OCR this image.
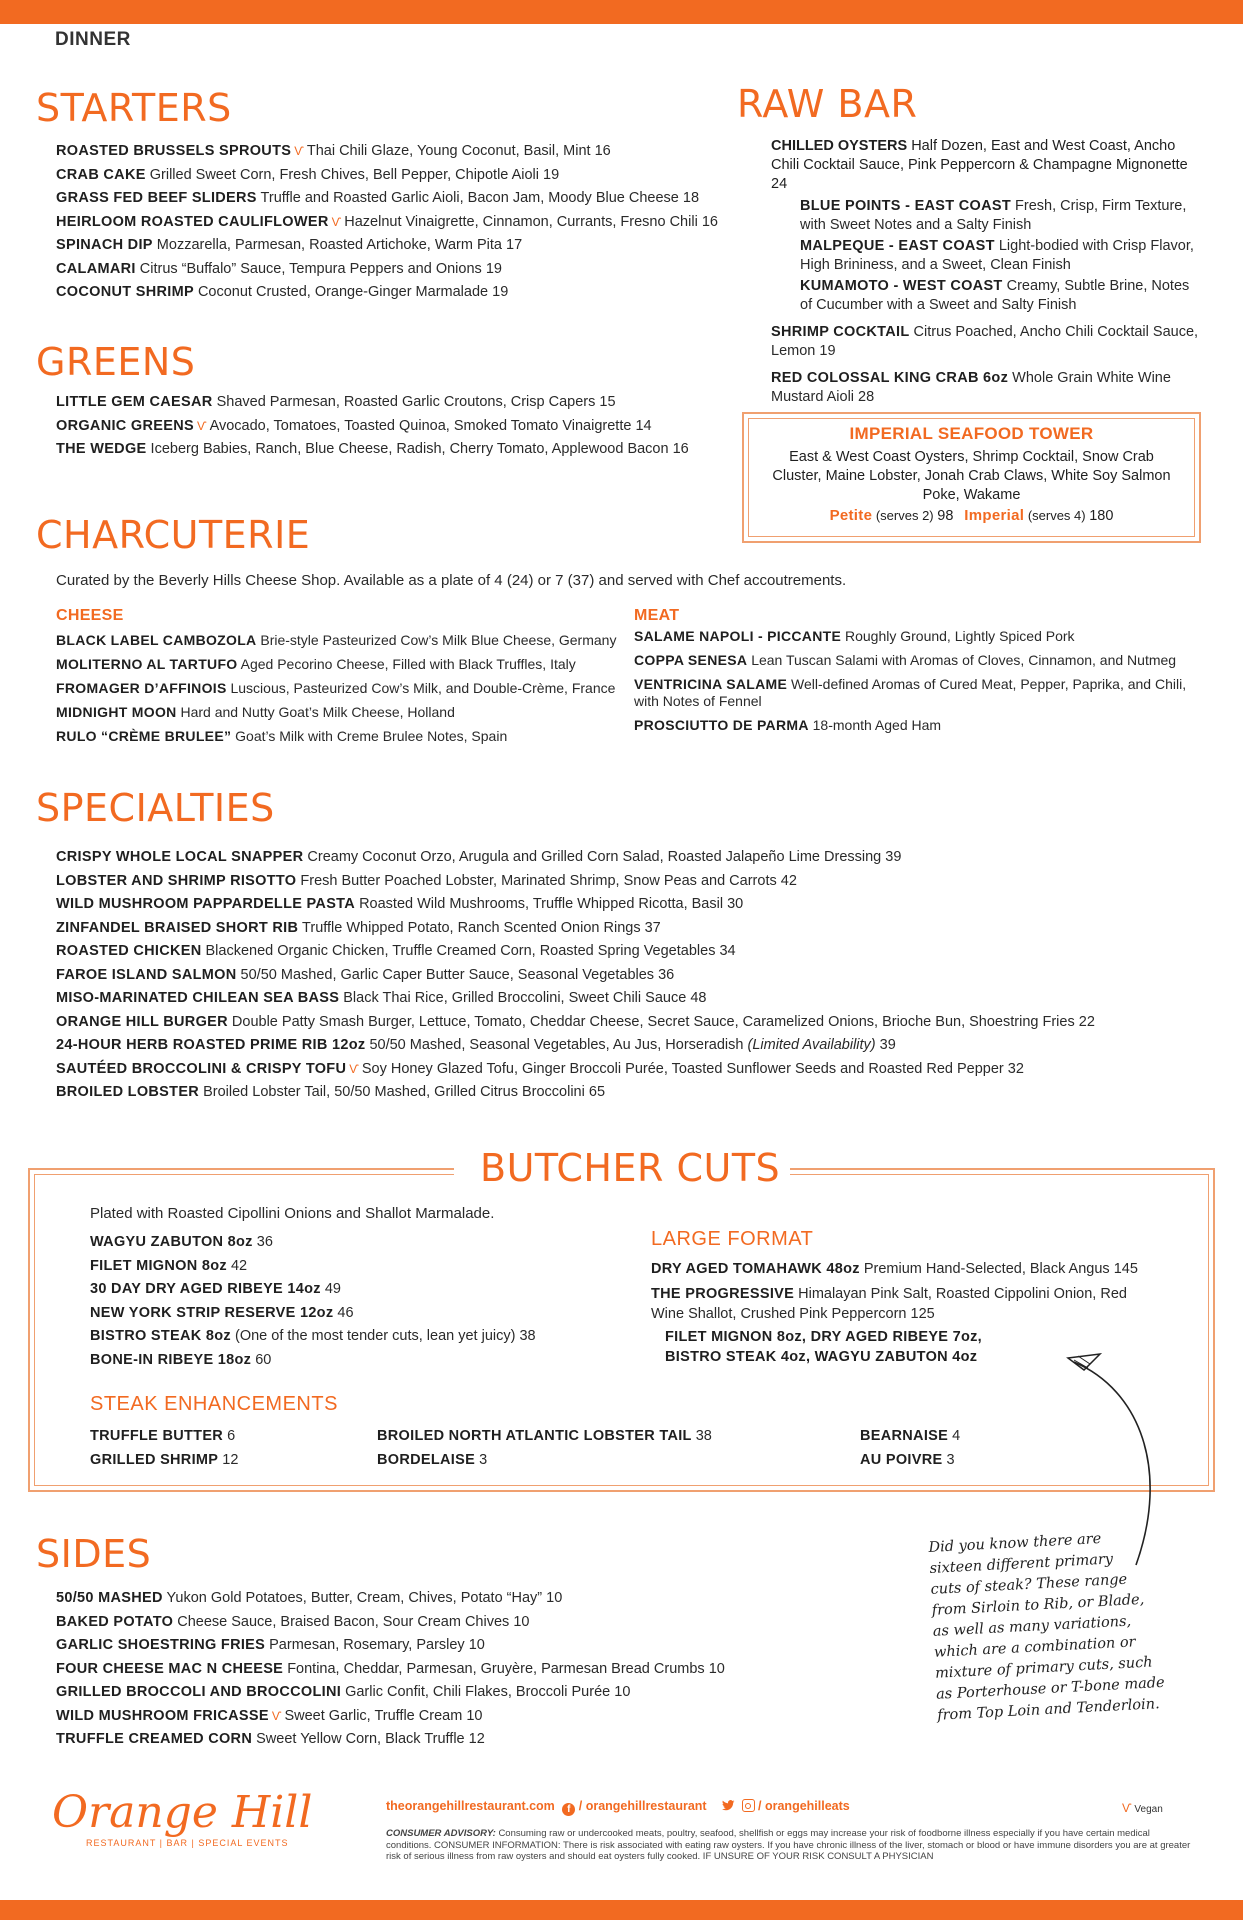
DINNER
STARTERS
ROASTED BRUSSELS SPROUTS Ѵ Thai Chili Glaze, Young Coconut, Basil, Mint 16
CRAB CAKE Grilled Sweet Corn, Fresh Chives, Bell Pepper, Chipotle Aioli 19
GRASS FED BEEF SLIDERS Truffle and Roasted Garlic Aioli, Bacon Jam, Moody Blue Cheese 18
HEIRLOOM ROASTED CAULIFLOWER Ѵ Hazelnut Vinaigrette, Cinnamon, Currants, Fresno Chili 16
SPINACH DIP Mozzarella, Parmesan, Roasted Artichoke, Warm Pita 17
CALAMARI Citrus “Buffalo” Sauce, Tempura Peppers and Onions 19
COCONUT SHRIMP Coconut Crusted, Orange-Ginger Marmalade 19
GREENS
LITTLE GEM CAESAR Shaved Parmesan, Roasted Garlic Croutons, Crisp Capers 15
ORGANIC GREENS Ѵ Avocado, Tomatoes, Toasted Quinoa, Smoked Tomato Vinaigrette 14
THE WEDGE Iceberg Babies, Ranch, Blue Cheese, Radish, Cherry Tomato, Applewood Bacon 16
RAW BAR
CHILLED OYSTERS Half Dozen, East and West Coast, Ancho Chili Cocktail Sauce, Pink Peppercorn & Champagne Mignonette 24
BLUE POINTS - EAST COAST Fresh, Crisp, Firm Texture, with Sweet Notes and a Salty Finish
MALPEQUE - EAST COAST Light-bodied with Crisp Flavor, High Brininess, and a Sweet, Clean Finish
KUMAMOTO - WEST COAST Creamy, Subtle Brine, Notes of Cucumber with a Sweet and Salty Finish
SHRIMP COCKTAIL Citrus Poached, Ancho Chili Cocktail Sauce, Lemon 19
RED COLOSSAL KING CRAB 6oz Whole Grain White Wine Mustard Aioli 28
IMPERIAL SEAFOOD TOWER
East & West Coast Oysters, Shrimp Cocktail, Snow Crab Cluster, Maine Lobster, Jonah Crab Claws, White Soy Salmon Poke, Wakame
Petite (serves 2) 98 Imperial (serves 4) 180
CHARCUTERIE
Curated by the Beverly Hills Cheese Shop. Available as a plate of 4 (24) or 7 (37) and served with Chef accoutrements.
CHEESE
BLACK LABEL CAMBOZOLA Brie-style Pasteurized Cow’s Milk Blue Cheese, Germany
MOLITERNO AL TARTUFO Aged Pecorino Cheese, Filled with Black Truffles, Italy
FROMAGER D’AFFINOIS Luscious, Pasteurized Cow’s Milk, and Double-Crème, France
MIDNIGHT MOON Hard and Nutty Goat’s Milk Cheese, Holland
RULO “CRÈME BRULEE” Goat’s Milk with Creme Brulee Notes, Spain
MEAT
SALAME NAPOLI - PICCANTE Roughly Ground, Lightly Spiced Pork
COPPA SENESA Lean Tuscan Salami with Aromas of Cloves, Cinnamon, and Nutmeg
VENTRICINA SALAME Well-defined Aromas of Cured Meat, Pepper, Paprika, and Chili, with Notes of Fennel
PROSCIUTTO DE PARMA 18-month Aged Ham
SPECIALTIES
CRISPY WHOLE LOCAL SNAPPER Creamy Coconut Orzo, Arugula and Grilled Corn Salad, Roasted Jalapeño Lime Dressing 39
LOBSTER AND SHRIMP RISOTTO Fresh Butter Poached Lobster, Marinated Shrimp, Snow Peas and Carrots 42
WILD MUSHROOM PAPPARDELLE PASTA Roasted Wild Mushrooms, Truffle Whipped Ricotta, Basil 30
ZINFANDEL BRAISED SHORT RIB Truffle Whipped Potato, Ranch Scented Onion Rings 37
ROASTED CHICKEN Blackened Organic Chicken, Truffle Creamed Corn, Roasted Spring Vegetables 34
FAROE ISLAND SALMON 50/50 Mashed, Garlic Caper Butter Sauce, Seasonal Vegetables 36
MISO-MARINATED CHILEAN SEA BASS Black Thai Rice, Grilled Broccolini, Sweet Chili Sauce 48
ORANGE HILL BURGER Double Patty Smash Burger, Lettuce, Tomato, Cheddar Cheese, Secret Sauce, Caramelized Onions, Brioche Bun, Shoestring Fries 22
24-HOUR HERB ROASTED PRIME RIB 12oz 50/50 Mashed, Seasonal Vegetables, Au Jus, Horseradish (Limited Availability) 39
SAUTÉED BROCCOLINI & CRISPY TOFU Ѵ Soy Honey Glazed Tofu, Ginger Broccoli Purée, Toasted Sunflower Seeds and Roasted Red Pepper 32
BROILED LOBSTER Broiled Lobster Tail, 50/50 Mashed, Grilled Citrus Broccolini 65
BUTCHER CUTS
Plated with Roasted Cipollini Onions and Shallot Marmalade.
WAGYU ZABUTON 8oz 36
FILET MIGNON 8oz 42
30 DAY DRY AGED RIBEYE 14oz 49
NEW YORK STRIP RESERVE 12oz 46
BISTRO STEAK 8oz (One of the most tender cuts, lean yet juicy) 38
BONE-IN RIBEYE 18oz 60
LARGE FORMAT
DRY AGED TOMAHAWK 48oz Premium Hand-Selected, Black Angus 145
THE PROGRESSIVE Himalayan Pink Salt, Roasted Cippolini Onion, Red Wine Shallot, Crushed Pink Peppercorn 125
FILET MIGNON 8oz, DRY AGED RIBEYE 7oz,
BISTRO STEAK 4oz, WAGYU ZABUTON 4oz
STEAK ENHANCEMENTS
TRUFFLE BUTTER 6
GRILLED SHRIMP 12
BROILED NORTH ATLANTIC LOBSTER TAIL 38
BORDELAISE 3
BEARNAISE 4
AU POIVRE 3
SIDES
50/50 MASHED Yukon Gold Potatoes, Butter, Cream, Chives, Potato “Hay” 10
BAKED POTATO Cheese Sauce, Braised Bacon, Sour Cream Chives 10
GARLIC SHOESTRING FRIES Parmesan, Rosemary, Parsley 10
FOUR CHEESE MAC N CHEESE Fontina, Cheddar, Parmesan, Gruyère, Parmesan Bread Crumbs 10
GRILLED BROCCOLI AND BROCCOLINI Garlic Confit, Chili Flakes, Broccoli Purée 10
WILD MUSHROOM FRICASSE Ѵ Sweet Garlic, Truffle Cream 10
TRUFFLE CREAMED CORN Sweet Yellow Corn, Black Truffle 12
Did you know there are
sixteen different primary
cuts of steak? These range
from Sirloin to Rib, or Blade,
as well as many variations,
which are a combination or
mixture of primary cuts, such
as Porterhouse or T-bone made
from Top Loin and Tenderloin.
Orange Hill
RESTAURANT | BAR | SPECIAL EVENTS
theorangehillrestaurant.com f / orangehillrestaurant	/ orangehilleats	Ѵ Vegan
CONSUMER ADVISORY: Consuming raw or undercooked meats, poultry, seafood, shellfish or eggs may increase your risk of foodborne illness especially if you have certain medical conditions. CONSUMER INFORMATION: There is risk associated with eating raw oysters. If you have chronic illness of the liver, stomach or blood or have immune disorders you are at greater risk of serious illness from raw oysters and should eat oysters fully cooked. IF UNSURE OF YOUR RISK CONSULT A PHYSICIAN
